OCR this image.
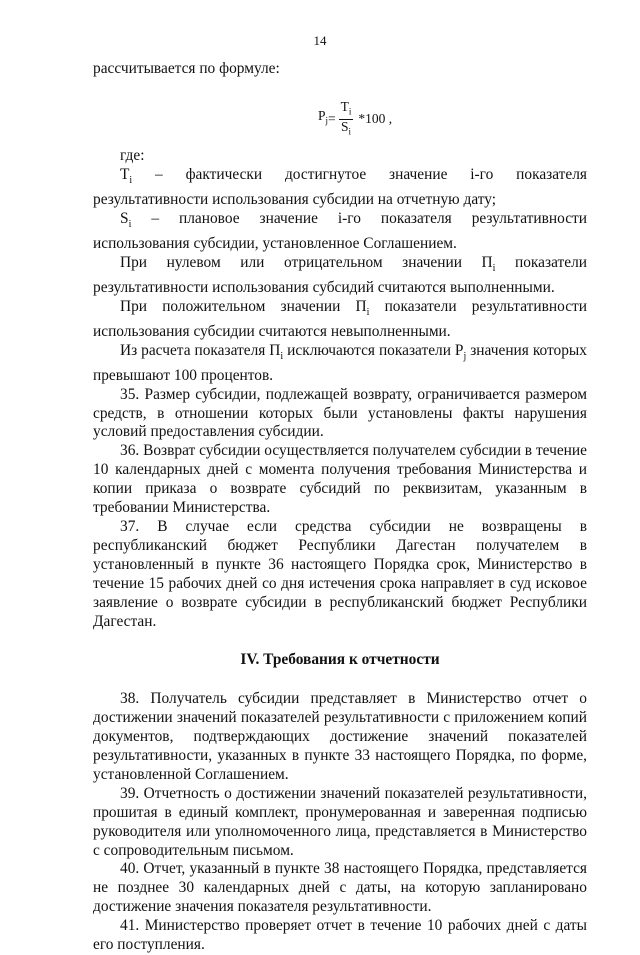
14

рассчитывается по формуле:

$P_j = \frac{T_i}{S_i} *100$ ,

где:

$T_i$ – фактически достигнутое значение i-го показателя результативности использования субсидии на отчетную дату;

$S_i$ – плановое значение i-го показателя результативности использования субсидии, установленное Соглашением.

При нулевом или отрицательном значении $П_i$ показатели результативности использования субсидий считаются выполненными.

При положительном значении $П_i$ показатели результативности использования субсидии считаются невыполненными.

Из расчета показателя $П_i$ исключаются показатели $P_j$ значения которых превышают 100 процентов.

35. Размер субсидии, подлежащей возврату, ограничивается размером средств, в отношении которых были установлены факты нарушения условий предоставления субсидии.

36. Возврат субсидии осуществляется получателем субсидии в течение 10 календарных дней с момента получения требования Министерства и копии приказа о возврате субсидий по реквизитам, указанным в требовании Министерства.

37. В случае если средства субсидии не возвращены в республиканский бюджет Республики Дагестан получателем в установленный в пункте 36 настоящего Порядка срок, Министерство в течение 15 рабочих дней со дня истечения срока направляет в суд исковое заявление о возврате субсидии в республиканский бюджет Республики Дагестан.

IV. Требования к отчетности

38. Получатель субсидии представляет в Министерство отчет о достижении значений показателей результативности с приложением копий документов, подтверждающих достижение значений показателей результативности, указанных в пункте 33 настоящего Порядка, по форме, установленной Соглашением.

39. Отчетность о достижении значений показателей результативности, прошитая в единый комплект, пронумерованная и заверенная подписью руководителя или уполномоченного лица, представляется в Министерство с сопроводительным письмом.

40. Отчет, указанный в пункте 38 настоящего Порядка, представляется не позднее 30 календарных дней с даты, на которую запланировано достижение значения показателя результативности.

41. Министерство проверяет отчет в течение 10 рабочих дней с даты его поступления.
